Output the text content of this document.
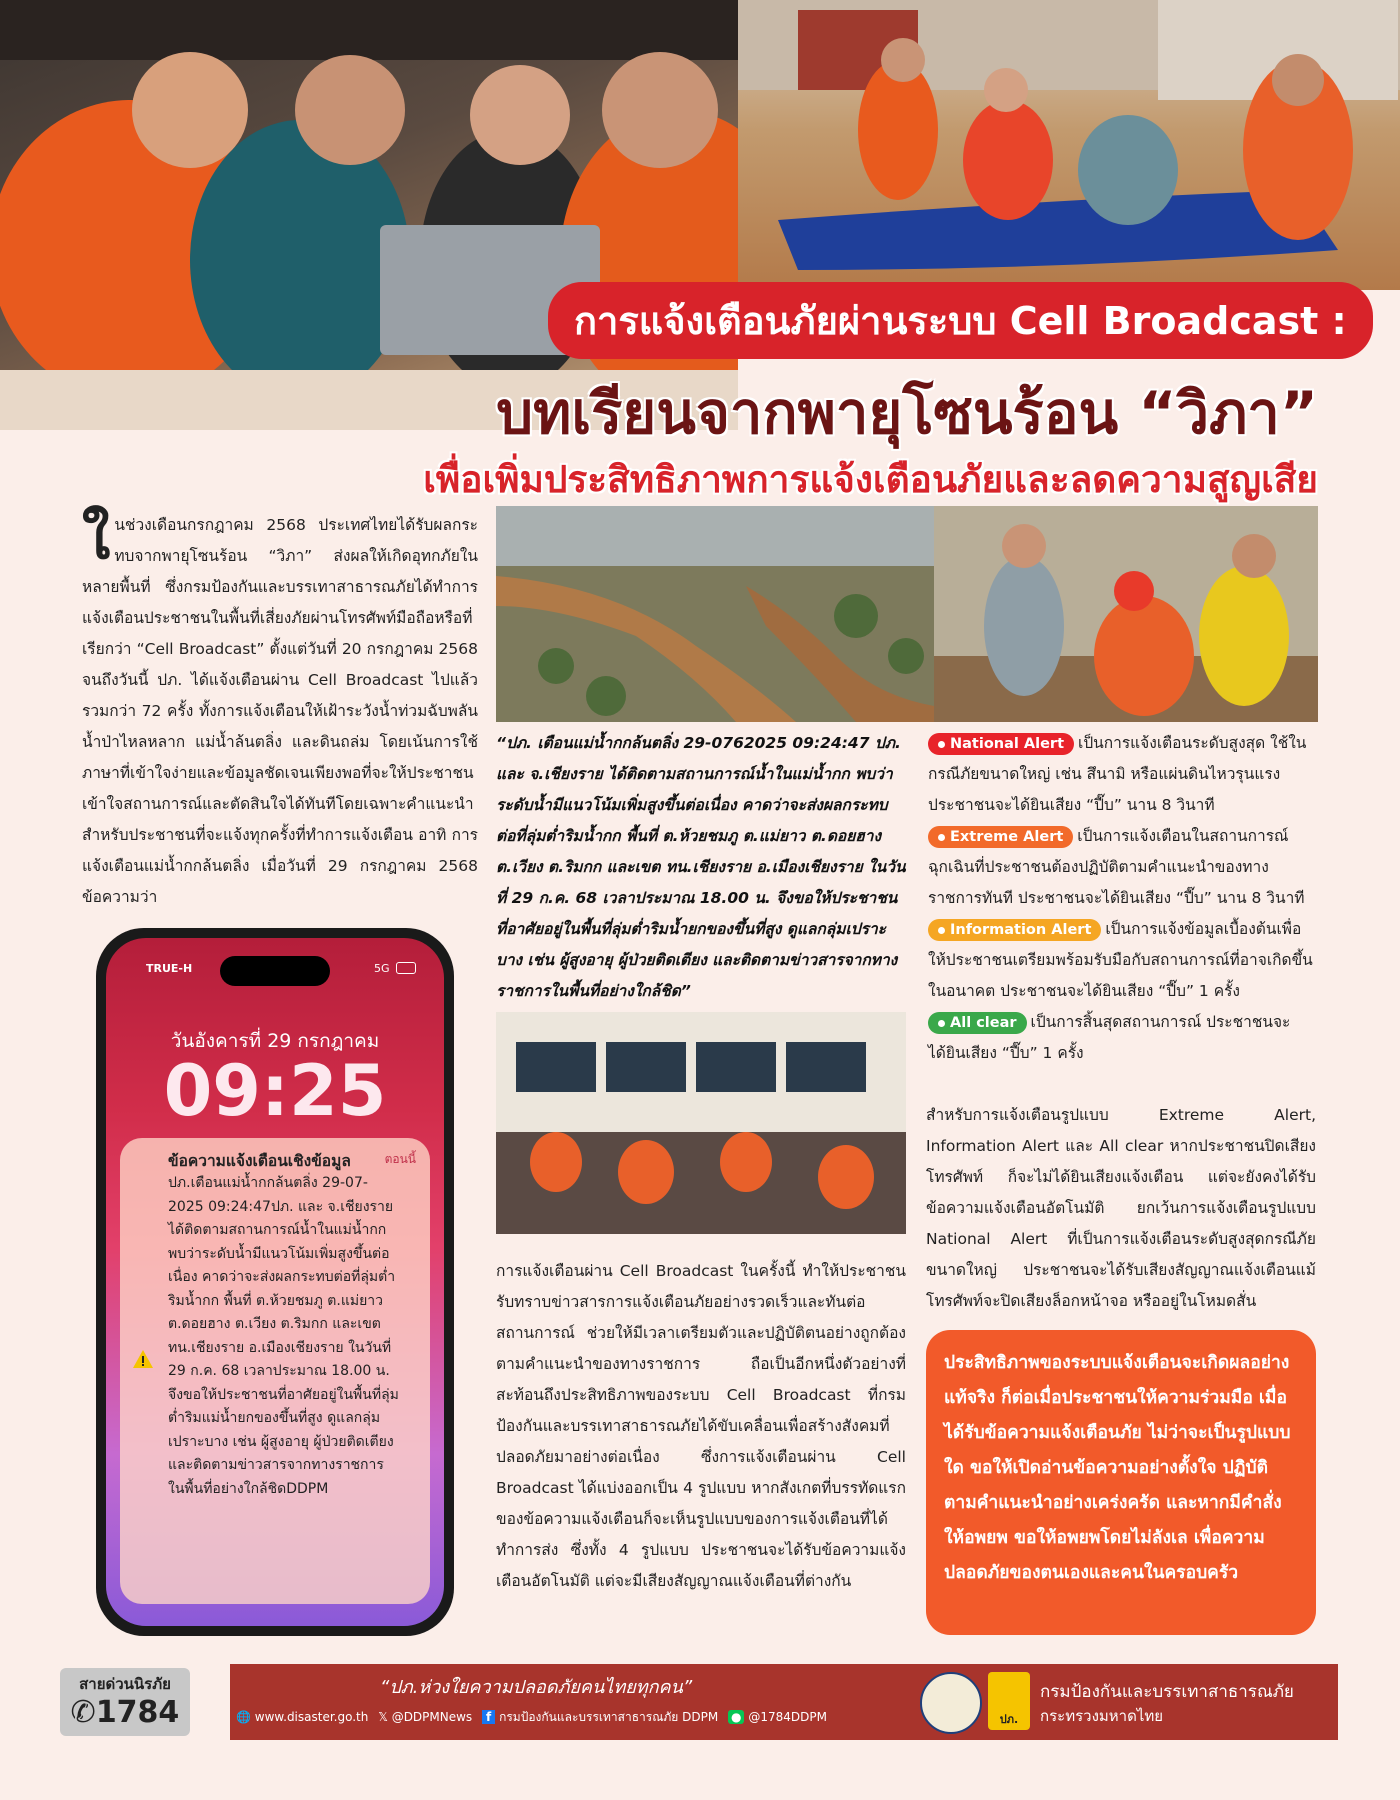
การแจ้งเตือนภัยผ่านระบบ Cell Broadcast :
บทเรียนจากพายุโซนร้อน “วิภา”
เพื่อเพิ่มประสิทธิภาพการแจ้งเตือนภัยและลดความสูญเสีย
ใ นช่วงเดือนกรกฎาคม 2568 ประเทศไทยได้รับผลกระทบจากพายุโซนร้อน “วิภา” ส่งผลให้เกิดอุทกภัยในหลายพื้นที่ ซึ่งกรมป้องกันและบรรเทาสาธารณภัยได้ทำการแจ้งเตือนประชาชนในพื้นที่เสี่ยงภัยผ่านโทรศัพท์มือถือหรือที่เรียกว่า “Cell Broadcast” ตั้งแต่วันที่ 20 กรกฎาคม 2568 จนถึงวันนี้ ปภ. ได้แจ้งเตือนผ่าน Cell Broadcast ไปแล้วรวมกว่า 72 ครั้ง ทั้งการแจ้งเตือนให้เฝ้าระวังน้ำท่วมฉับพลัน น้ำป่าไหลหลาก แม่น้ำล้นตลิ่ง และดินถล่ม โดยเน้นการใช้ภาษาที่เข้าใจง่ายและข้อมูลชัดเจนเพียงพอที่จะให้ประชาชนเข้าใจสถานการณ์และตัดสินใจได้ทันทีโดยเฉพาะคำแนะนำสำหรับประชาชนที่จะแจ้งทุกครั้งที่ทำการแจ้งเตือน อาทิ การแจ้งเตือนแม่น้ำกกล้นตลิ่ง เมื่อวันที่ 29 กรกฎาคม 2568 ข้อความว่า
“ปภ. เตือนแม่น้ำกกล้นตลิ่ง 29-0762025 09:24:47 ปภ. และ จ.เชียงราย ได้ติดตามสถานการณ์น้ำในแม่น้ำกก พบว่าระดับน้ำมีแนวโน้มเพิ่มสูงขึ้นต่อเนื่อง คาดว่าจะส่งผลกระทบต่อที่ลุ่มต่ำริมน้ำกก พื้นที่ ต.ห้วยชมภู ต.แม่ยาว ต.ดอยฮาง ต.เวียง ต.ริมกก และเขต ทน.เชียงราย อ.เมืองเชียงราย ในวันที่ 29 ก.ค. 68 เวลาประมาณ 18.00 น. จึงขอให้ประชาชนที่อาศัยอยู่ในพื้นที่ลุ่มต่ำริมน้ำยกของขึ้นที่สูง ดูแลกลุ่มเปราะบาง เช่น ผู้สูงอายุ ผู้ป่วยติดเตียง และติดตามข่าวสารจากทางราชการในพื้นที่อย่างใกล้ชิด”
National Alert เป็นการแจ้งเตือนระดับสูงสุด ใช้ในกรณีภัยขนาดใหญ่ เช่น สึนามิ หรือแผ่นดินไหวรุนแรง ประชาชนจะได้ยินเสียง “ปี๊บ” นาน 8 วินาที
Extreme Alert เป็นการแจ้งเตือนในสถานการณ์ฉุกเฉินที่ประชาชนต้องปฏิบัติตามคำแนะนำของทางราชการทันที ประชาชนจะได้ยินเสียง “ปี๊บ” นาน 8 วินาที
Information Alert เป็นการแจ้งข้อมูลเบื้องต้นเพื่อให้ประชาชนเตรียมพร้อมรับมือกับสถานการณ์ที่อาจเกิดขึ้นในอนาคต ประชาชนจะได้ยินเสียง “ปี๊บ” 1 ครั้ง
All clear เป็นการสิ้นสุดสถานการณ์ ประชาชนจะได้ยินเสียง “ปี๊บ” 1 ครั้ง
การแจ้งเตือนผ่าน Cell Broadcast ในครั้งนี้ ทำให้ประชาชนรับทราบข่าวสารการแจ้งเตือนภัยอย่างรวดเร็วและทันต่อสถานการณ์ ช่วยให้มีเวลาเตรียมตัวและปฏิบัติตนอย่างถูกต้องตามคำแนะนำของทางราชการ ถือเป็นอีกหนึ่งตัวอย่างที่สะท้อนถึงประสิทธิภาพของระบบ Cell Broadcast ที่กรมป้องกันและบรรเทาสาธารณภัยได้ขับเคลื่อนเพื่อสร้างสังคมที่ปลอดภัยมาอย่างต่อเนื่อง ซึ่งการแจ้งเตือนผ่าน Cell Broadcast ได้แบ่งออกเป็น 4 รูปแบบ หากสังเกตที่บรรทัดแรกของข้อความแจ้งเตือนก็จะเห็นรูปแบบของการแจ้งเตือนที่ได้ทำการส่ง ซึ่งทั้ง 4 รูปแบบ ประชาชนจะได้รับข้อความแจ้งเตือนอัตโนมัติ แต่จะมีเสียงสัญญาณแจ้งเตือนที่ต่างกัน
สำหรับการแจ้งเตือนรูปแบบ Extreme Alert, Information Alert และ All clear หากประชาชนปิดเสียงโทรศัพท์ ก็จะไม่ได้ยินเสียงแจ้งเตือน แต่จะยังคงได้รับข้อความแจ้งเตือนอัตโนมัติ ยกเว้นการแจ้งเตือนรูปแบบ National Alert ที่เป็นการแจ้งเตือนระดับสูงสุดกรณีภัยขนาดใหญ่ ประชาชนจะได้รับเสียงสัญญาณแจ้งเตือนแม้โทรศัพท์จะปิดเสียงล็อกหน้าจอ หรืออยู่ในโหมดสั่น
ประสิทธิภาพของระบบแจ้งเตือนจะเกิดผลอย่างแท้จริง ก็ต่อเมื่อประชาชนให้ความร่วมมือ เมื่อได้รับข้อความแจ้งเตือนภัย ไม่ว่าจะเป็นรูปแบบใด ขอให้เปิดอ่านข้อความอย่างตั้งใจ ปฏิบัติตามคำแนะนำอย่างเคร่งครัด และหากมีคำสั่งให้อพยพ ขอให้อพยพโดยไม่ลังเล เพื่อความปลอดภัยของตนเองและคนในครอบครัว
TRUE-H	5G
วันอังคารที่ 29 กรกฎาคม
09:25
ข้อความแจ้งเตือนเชิงข้อมูล	ตอนนี้
ปภ.เตือนแม่น้ำกกล้นตลิ่ง 29-07-2025 09:24:47ปภ. และ จ.เชียงราย ได้ติดตามสถานการณ์น้ำในแม่น้ำกก พบว่าระดับน้ำมีแนวโน้มเพิ่มสูงขึ้นต่อเนื่อง คาดว่าจะส่งผลกระทบต่อที่ลุ่มต่ำริมน้ำกก พื้นที่ ต.ห้วยชมภู ต.แม่ยาว ต.ดอยฮาง ต.เวียง ต.ริมกก และเขต ทน.เชียงราย อ.เมืองเชียงราย ในวันที่ 29 ก.ค. 68 เวลาประมาณ 18.00 น. จึงขอให้ประชาชนที่อาศัยอยู่ในพื้นที่ลุ่มต่ำริมแม่น้ำยกของขึ้นที่สูง ดูแลกลุ่มเปราะบาง เช่น ผู้สูงอายุ ผู้ป่วยติดเตียง และติดตามข่าวสารจากทางราชการในพื้นที่อย่างใกล้ชิดDDPM
สายด่วนนิรภัย
✆1784
“ปภ.ห่วงใยความปลอดภัยคนไทยทุกคน”
🌐 www.disaster.go.th 𝕏 @DDPMNews f กรมป้องกันและบรรเทาสาธารณภัย DDPM ● @1784DDPM	ปภ.
กรมป้องกันและบรรเทาสาธารณภัย
กระทรวงมหาดไทย
